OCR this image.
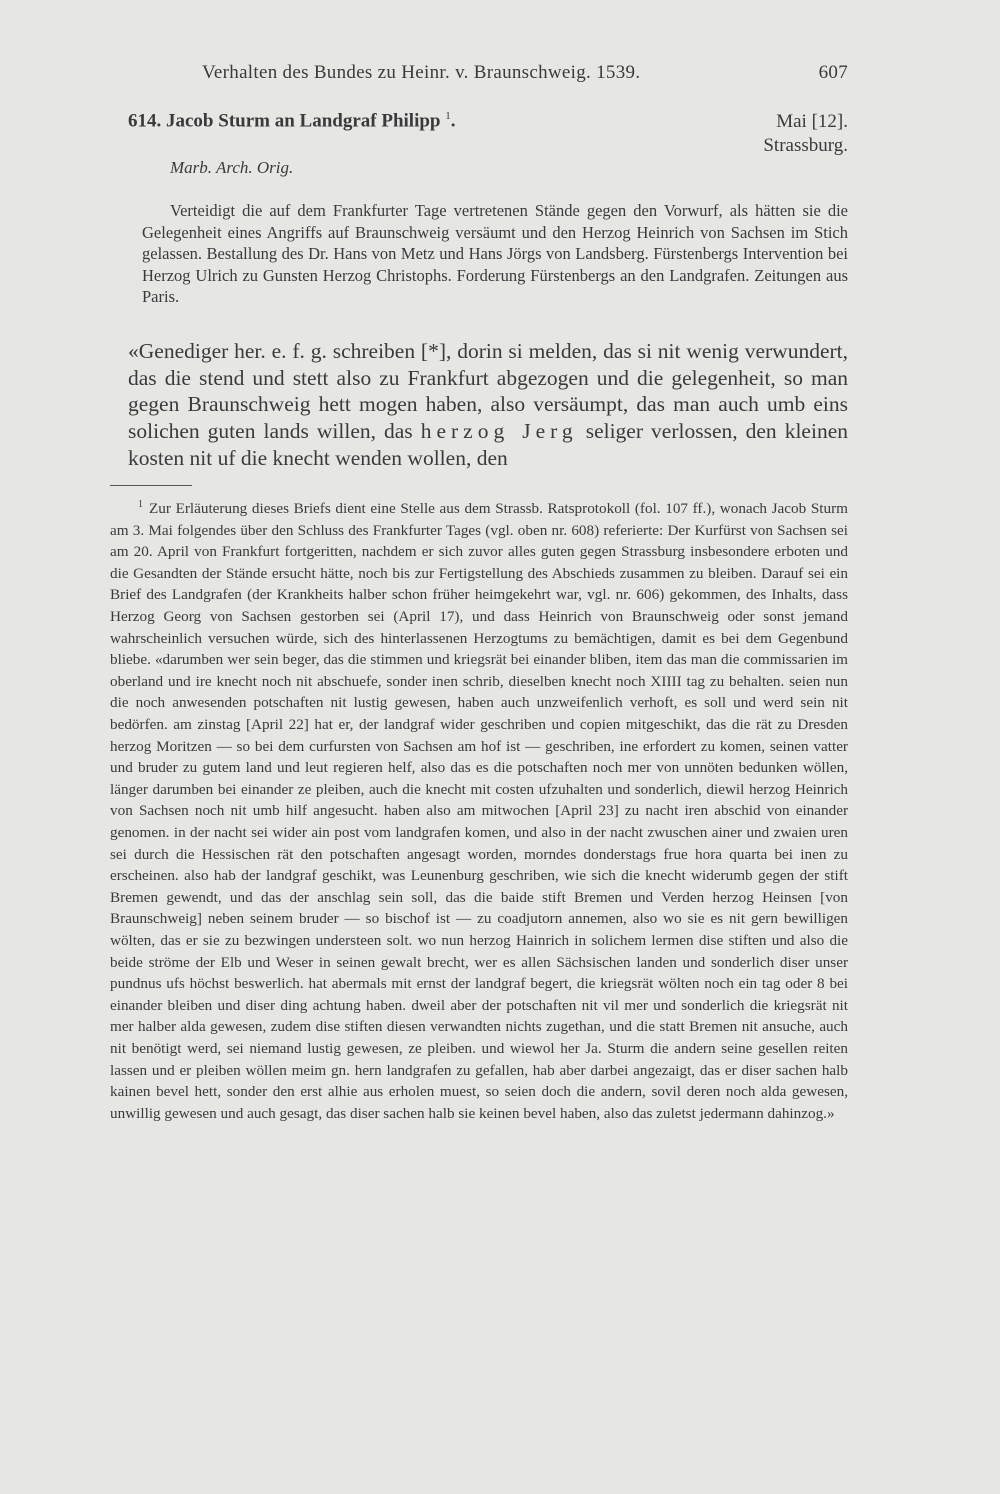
Verhalten des Bundes zu Heinr. v. Braunschweig. 1539.	607
614. Jacob Sturm an Landgraf Philipp $^1$.	Mai [12].
Strassburg.
Marb. Arch. Orig.
Verteidigt die auf dem Frankfurter Tage vertretenen Stände gegen den Vorwurf, als hätten sie die Gelegenheit eines Angriffs auf Braunschweig versäumt und den Herzog Heinrich von Sachsen im Stich gelassen. Bestallung des Dr. Hans von Metz und Hans Jörgs von Landsberg. Fürstenbergs Intervention bei Herzog Ulrich zu Gunsten Herzog Christophs. Forderung Fürstenbergs an den Landgrafen. Zeitungen aus Paris.
«Genediger her. e. f. g. schreiben [*], dorin si melden, das si nit wenig verwundert, das die stend und stett also zu Frankfurt abgezogen und die gelegenheit, so man gegen Braunschweig hett mogen haben, also versäumpt, das man auch umb eins solichen guten lands willen, das herzog Jerg seliger verlossen, den kleinen kosten nit uf die knecht wenden wollen, den
$^1$ Zur Erläuterung dieses Briefs dient eine Stelle aus dem Strassb. Ratsprotokoll (fol. 107 ff.), wonach Jacob Sturm am 3. Mai folgendes über den Schluss des Frankfurter Tages (vgl. oben nr. 608) referierte: Der Kurfürst von Sachsen sei am 20. April von Frankfurt fortgeritten, nachdem er sich zuvor alles guten gegen Strassburg insbesondere erboten und die Gesandten der Stände ersucht hätte, noch bis zur Fertigstellung des Abschieds zusammen zu bleiben. Darauf sei ein Brief des Landgrafen (der Krankheits halber schon früher heimgekehrt war, vgl. nr. 606) gekommen, des Inhalts, dass Herzog Georg von Sachsen gestorben sei (April 17), und dass Heinrich von Braunschweig oder sonst jemand wahrscheinlich versuchen würde, sich des hinterlassenen Herzogtums zu bemächtigen, damit es bei dem Gegenbund bliebe. «darumben wer sein beger, das die stimmen und kriegsrät bei einander bliben, item das man die commissarien im oberland und ire knecht noch nit abschuefe, sonder inen schrib, dieselben knecht noch XIIII tag zu behalten. seien nun die noch anwesenden potschaften nit lustig gewesen, haben auch unzweifenlich verhoft, es soll und werd sein nit bedörfen. am zinstag [April 22] hat er, der landgraf wider geschriben und copien mitgeschikt, das die rät zu Dresden herzog Moritzen — so bei dem curfursten von Sachsen am hof ist — geschriben, ine erfordert zu komen, seinen vatter und bruder zu gutem land und leut regieren helf, also das es die potschaften noch mer von unnöten bedunken wöllen, länger darumben bei einander ze pleiben, auch die knecht mit costen ufzuhalten und sonderlich, diewil herzog Heinrich von Sachsen noch nit umb hilf angesucht. haben also am mitwochen [April 23] zu nacht iren abschid von einander genomen. in der nacht sei wider ain post vom landgrafen komen, und also in der nacht zwuschen ainer und zwaien uren sei durch die Hessischen rät den potschaften angesagt worden, morndes donderstags frue hora quarta bei inen zu erscheinen. also hab der landgraf geschikt, was Leunenburg geschriben, wie sich die knecht widerumb gegen der stift Bremen gewendt, und das der anschlag sein soll, das die baide stift Bremen und Verden herzog Heinsen [von Braunschweig] neben seinem bruder — so bischof ist — zu coadjutorn annemen, also wo sie es nit gern bewilligen wölten, das er sie zu bezwingen understeen solt. wo nun herzog Hainrich in solichem lermen dise stiften und also die beide ströme der Elb und Weser in seinen gewalt brecht, wer es allen Sächsischen landen und sonderlich diser unser pundnus ufs höchst beswerlich. hat abermals mit ernst der landgraf begert, die kriegsrät wölten noch ein tag oder 8 bei einander bleiben und diser ding achtung haben. dweil aber der potschaften nit vil mer und sonderlich die kriegsrät nit mer halber alda gewesen, zudem dise stiften diesen verwandten nichts zugethan, und die statt Bremen nit ansuche, auch nit benötigt werd, sei niemand lustig gewesen, ze pleiben. und wiewol her Ja. Sturm die andern seine gesellen reiten lassen und er pleiben wöllen meim gn. hern landgrafen zu gefallen, hab aber darbei angezaigt, das er diser sachen halb kainen bevel hett, sonder den erst alhie aus erholen muest, so seien doch die andern, sovil deren noch alda gewesen, unwillig gewesen und auch gesagt, das diser sachen halb sie keinen bevel haben, also das zuletst jedermann dahinzog.»
